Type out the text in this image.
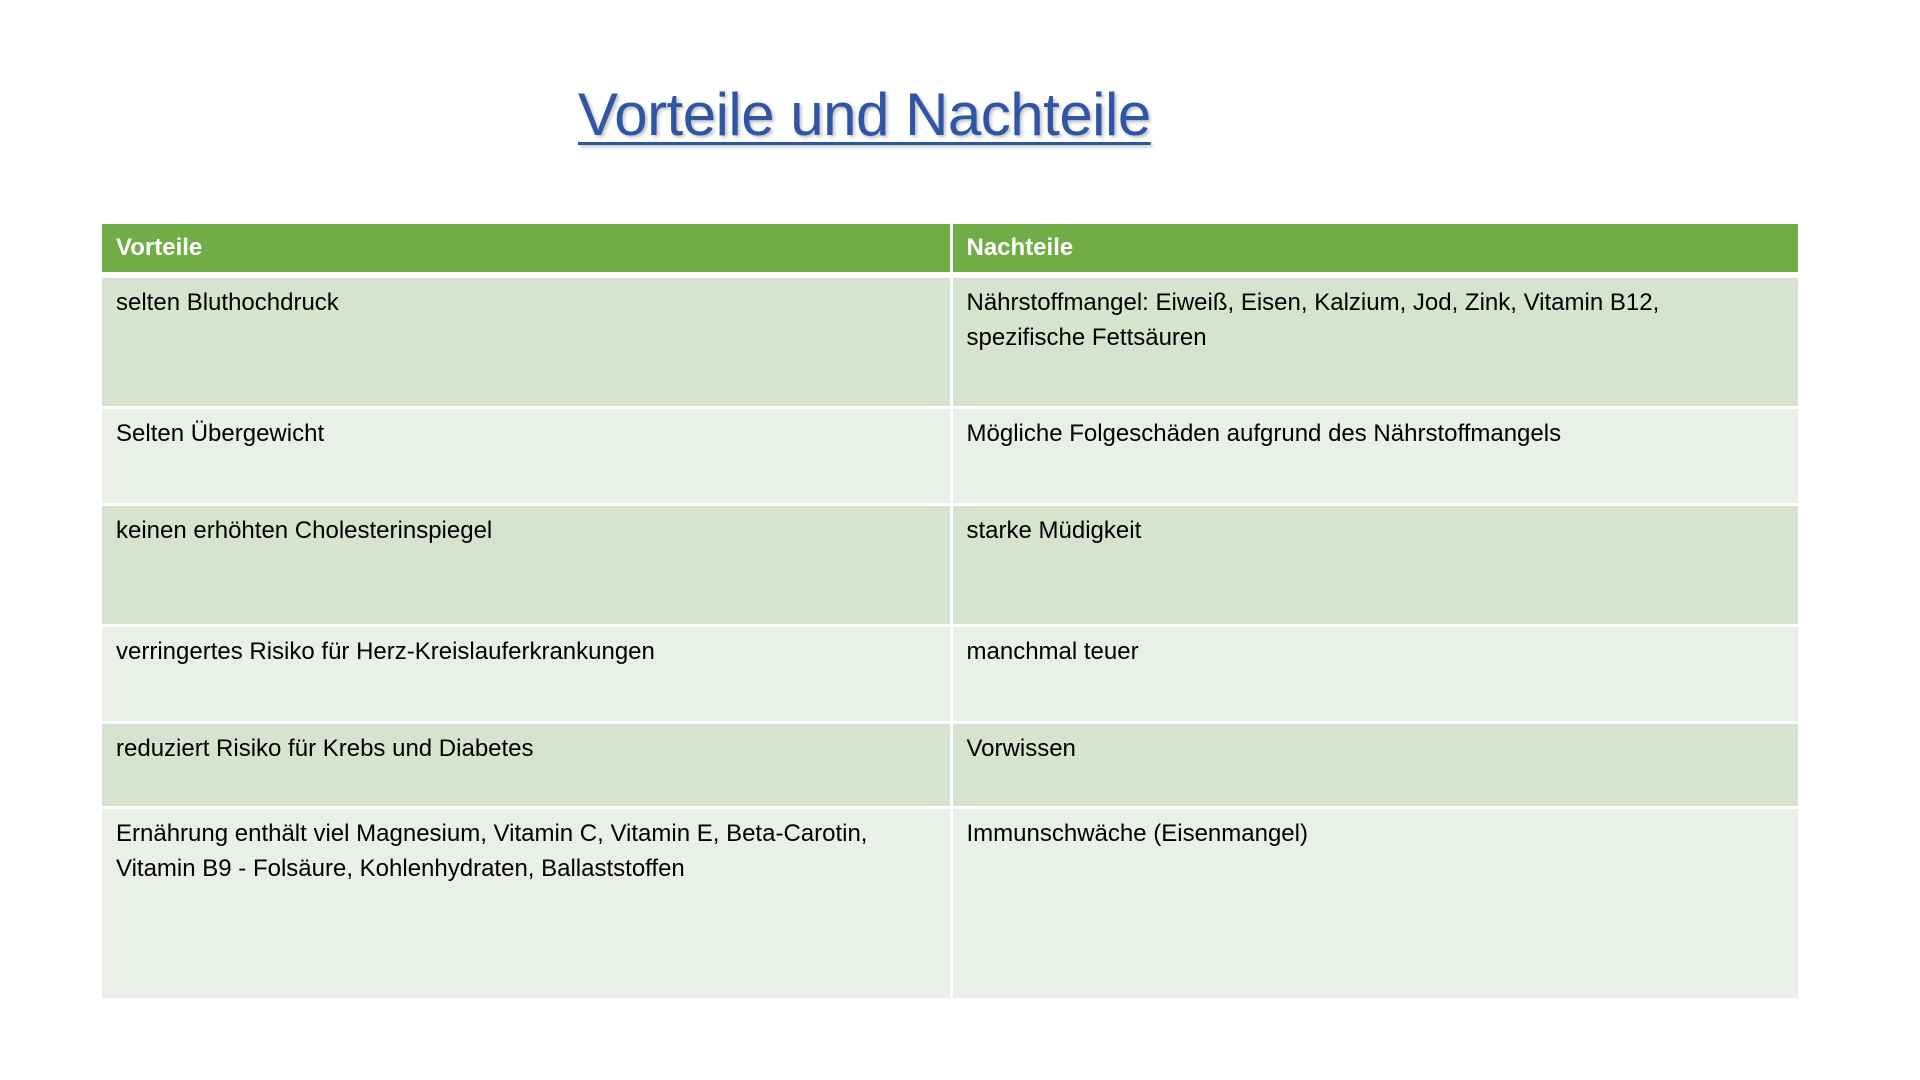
Vorteile und Nachteile
Vorteile	Nachteile
selten Bluthochdruck	Nährstoffmangel: Eiweiß, Eisen, Kalzium, Jod, Zink, Vitamin B12, spezifische Fettsäuren
Selten Übergewicht	Mögliche Folgeschäden aufgrund des Nährstoffmangels
keinen erhöhten Cholesterinspiegel	starke Müdigkeit
verringertes Risiko für Herz-Kreislauferkrankungen	manchmal teuer
reduziert Risiko für Krebs und Diabetes	Vorwissen
Ernährung enthält viel Magnesium, Vitamin C, Vitamin E, Beta-Carotin, Vitamin B9 - Folsäure, Kohlenhydraten, Ballaststoffen	Immunschwäche (Eisenmangel)
